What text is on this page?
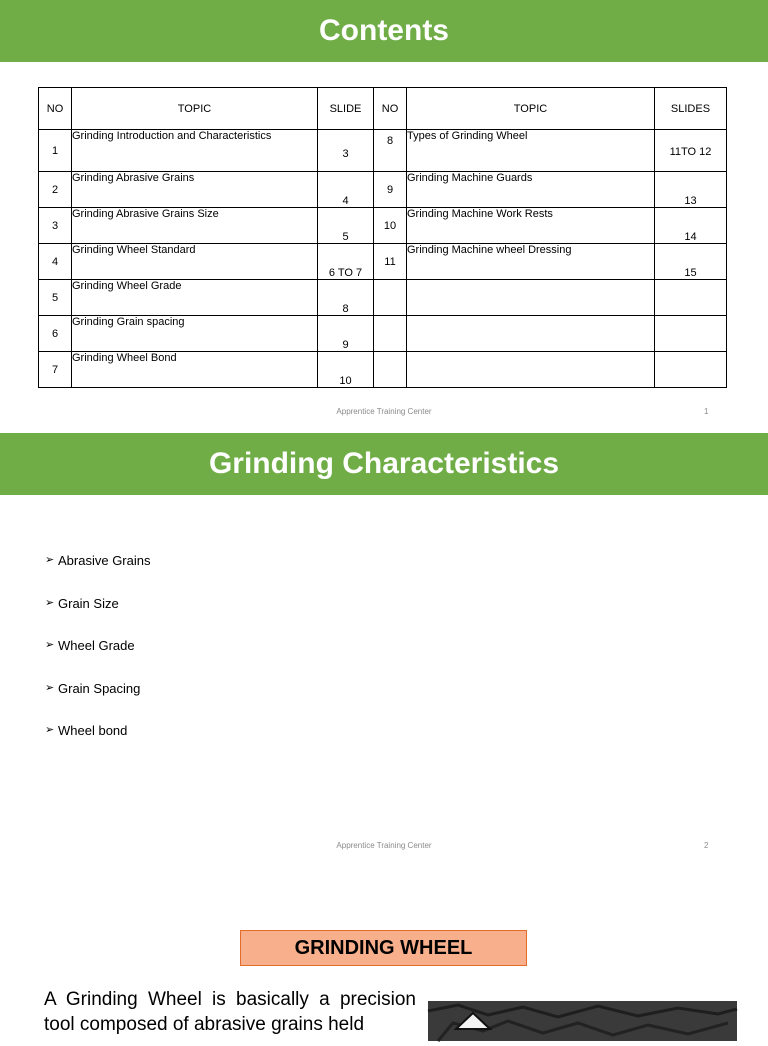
Contents
NO	TOPIC	SLIDE	NO	TOPIC	SLIDES
1	Grinding Introduction and Characteristics	3	8	Types of Grinding Wheel	11TO 12
2	Grinding Abrasive Grains	4	9	Grinding Machine Guards	13
3	Grinding Abrasive Grains Size	5	10	Grinding Machine Work Rests	14
4	Grinding Wheel Standard	6 TO 7	11	Grinding Machine wheel Dressing	15
5	Grinding Wheel Grade	8			
6	Grinding Grain spacing	9			
7	Grinding Wheel Bond	10			
Apprentice Training Center	1
Grinding Characteristics
➢ Abrasive Grains
➢ Grain Size
➢ Wheel Grade
➢ Grain Spacing
➢ Wheel bond
Apprentice Training Center	2
GRINDING WHEEL

A Grinding Wheel is basically a precision tool composed of abrasive grains held
